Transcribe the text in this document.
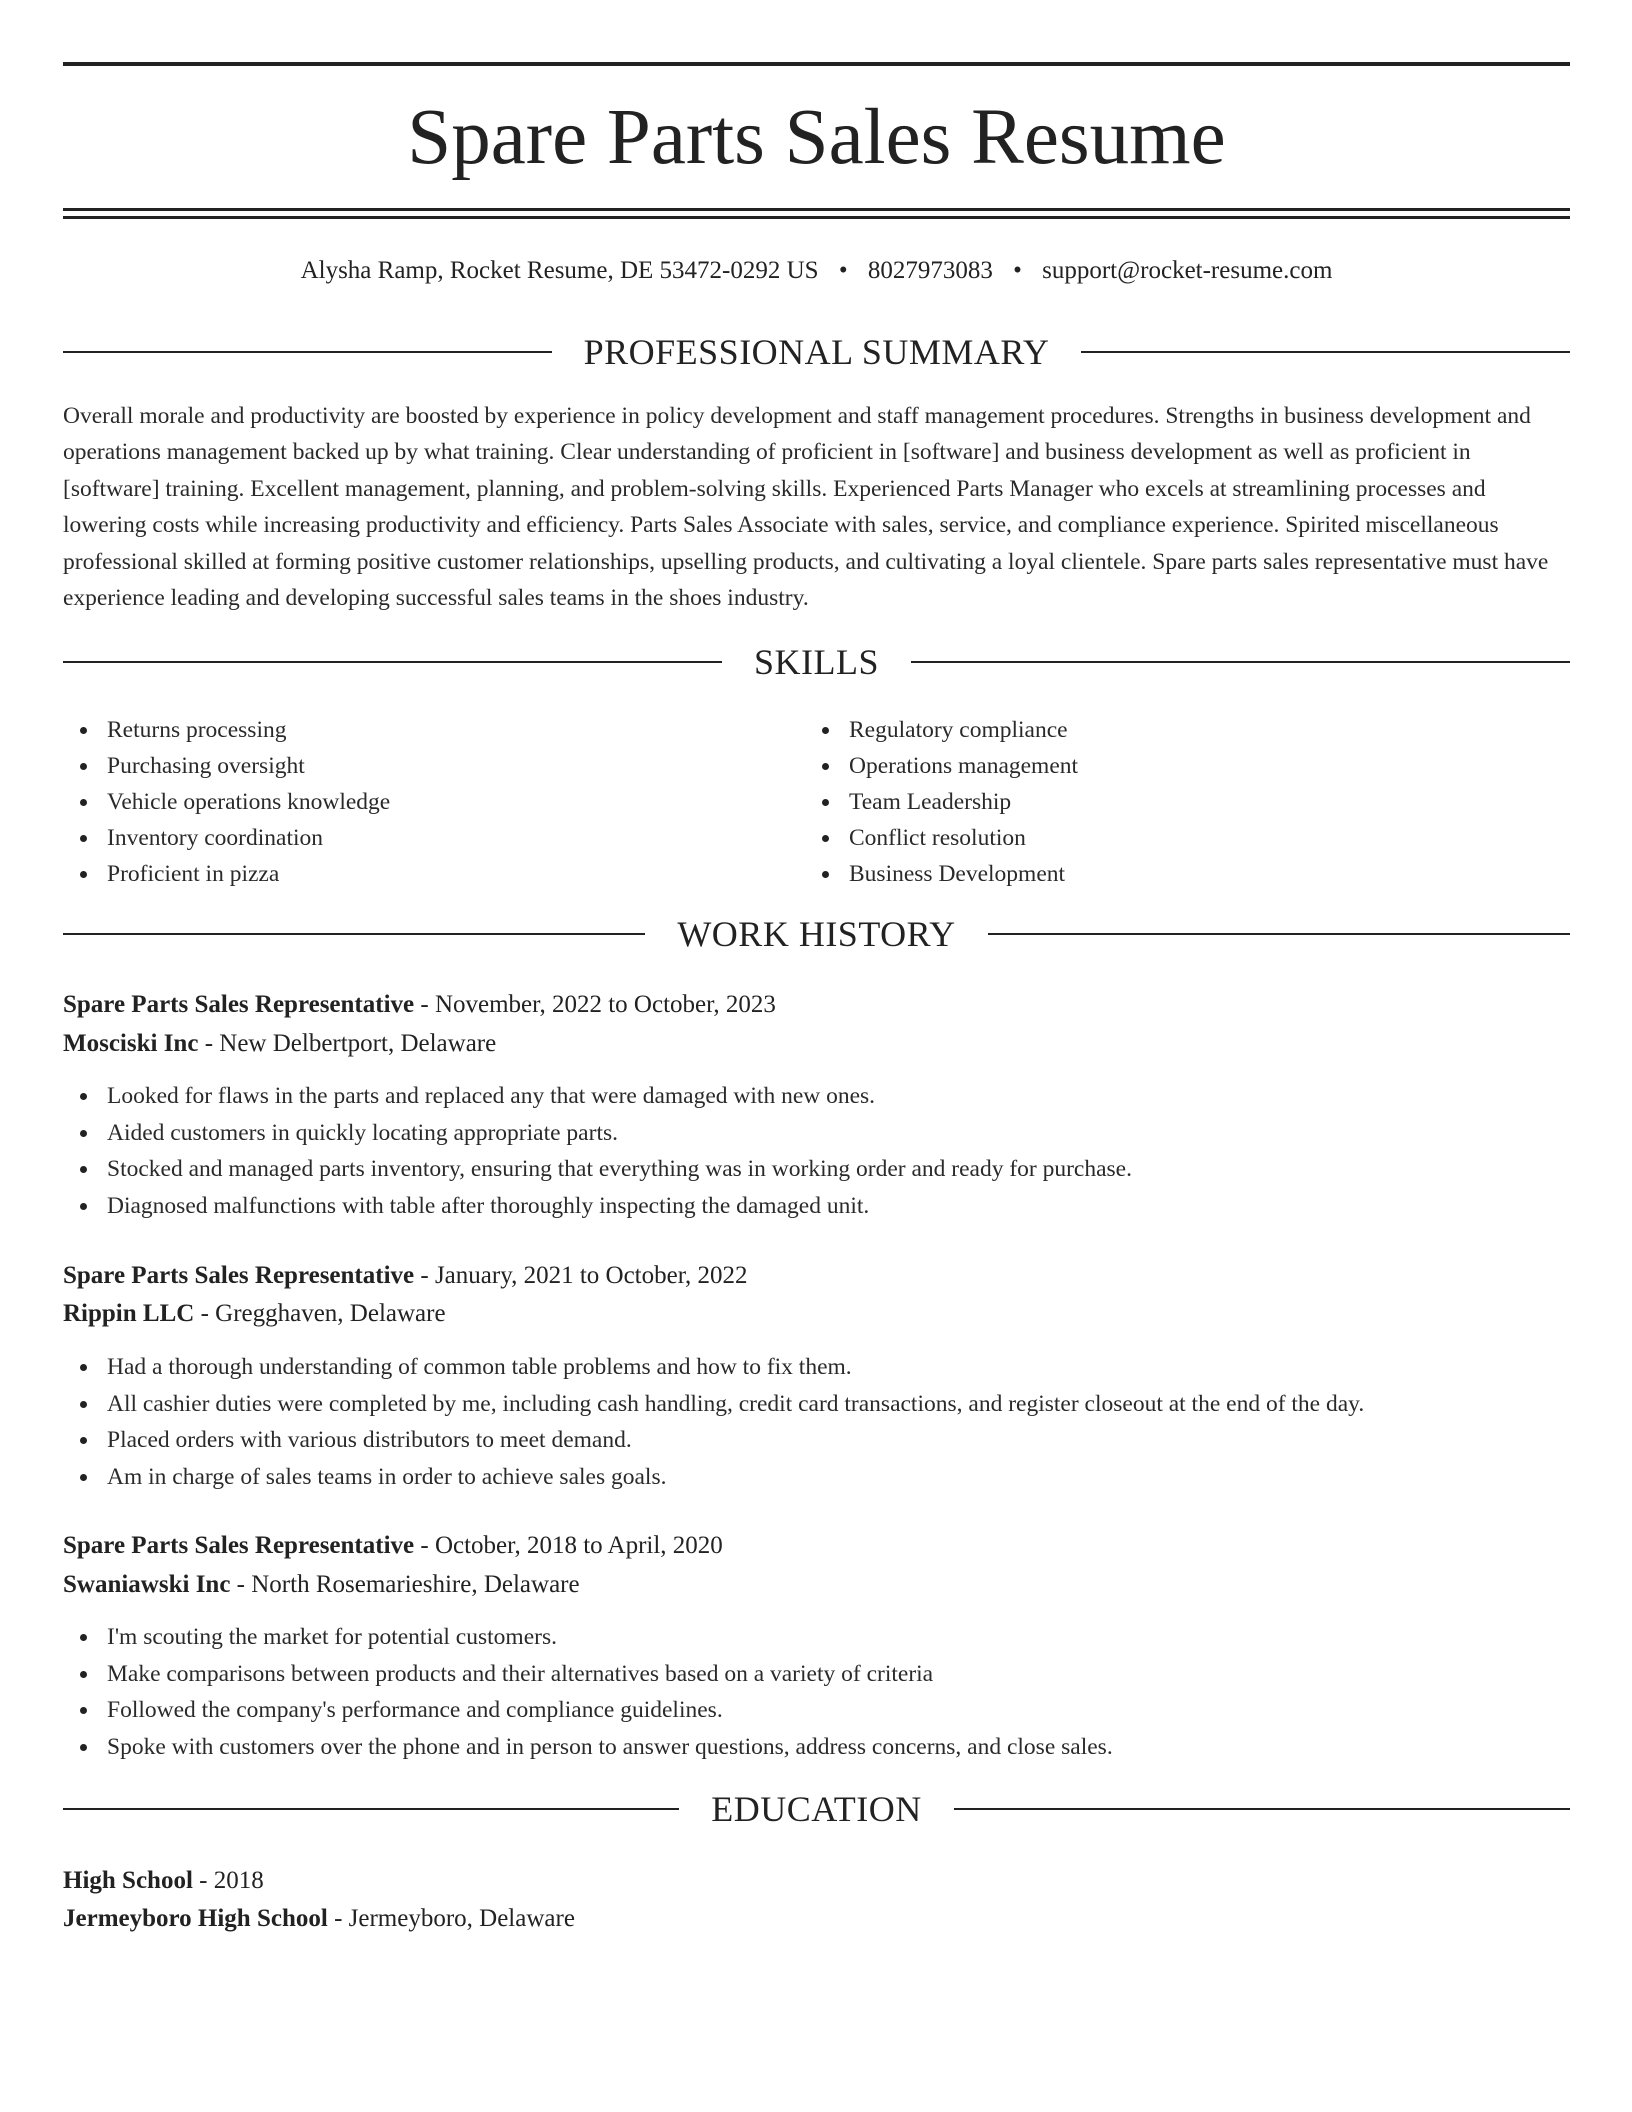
Spare Parts Sales Resume
Alysha Ramp, Rocket Resume, DE 53472-0292 US • 8027973083 • support@rocket-resume.com
PROFESSIONAL SUMMARY
Overall morale and productivity are boosted by experience in policy development and staff management procedures. Strengths in business development and operations management backed up by what training. Clear understanding of proficient in [software] and business development as well as proficient in [software] training. Excellent management, planning, and problem-solving skills. Experienced Parts Manager who excels at streamlining processes and lowering costs while increasing productivity and efficiency. Parts Sales Associate with sales, service, and compliance experience. Spirited miscellaneous professional skilled at forming positive customer relationships, upselling products, and cultivating a loyal clientele. Spare parts sales representative must have experience leading and developing successful sales teams in the shoes industry.
SKILLS
Returns processing
Purchasing oversight
Vehicle operations knowledge
Inventory coordination
Proficient in pizza
Regulatory compliance
Operations management
Team Leadership
Conflict resolution
Business Development
WORK HISTORY
Spare Parts Sales Representative - November, 2022 to October, 2023
Mosciski Inc - New Delbertport, Delaware
Looked for flaws in the parts and replaced any that were damaged with new ones.
Aided customers in quickly locating appropriate parts.
Stocked and managed parts inventory, ensuring that everything was in working order and ready for purchase.
Diagnosed malfunctions with table after thoroughly inspecting the damaged unit.
Spare Parts Sales Representative - January, 2021 to October, 2022
Rippin LLC - Gregghaven, Delaware
Had a thorough understanding of common table problems and how to fix them.
All cashier duties were completed by me, including cash handling, credit card transactions, and register closeout at the end of the day.
Placed orders with various distributors to meet demand.
Am in charge of sales teams in order to achieve sales goals.
Spare Parts Sales Representative - October, 2018 to April, 2020
Swaniawski Inc - North Rosemarieshire, Delaware
I'm scouting the market for potential customers.
Make comparisons between products and their alternatives based on a variety of criteria
Followed the company's performance and compliance guidelines.
Spoke with customers over the phone and in person to answer questions, address concerns, and close sales.
EDUCATION
High School - 2018
Jermeyboro High School - Jermeyboro, Delaware
